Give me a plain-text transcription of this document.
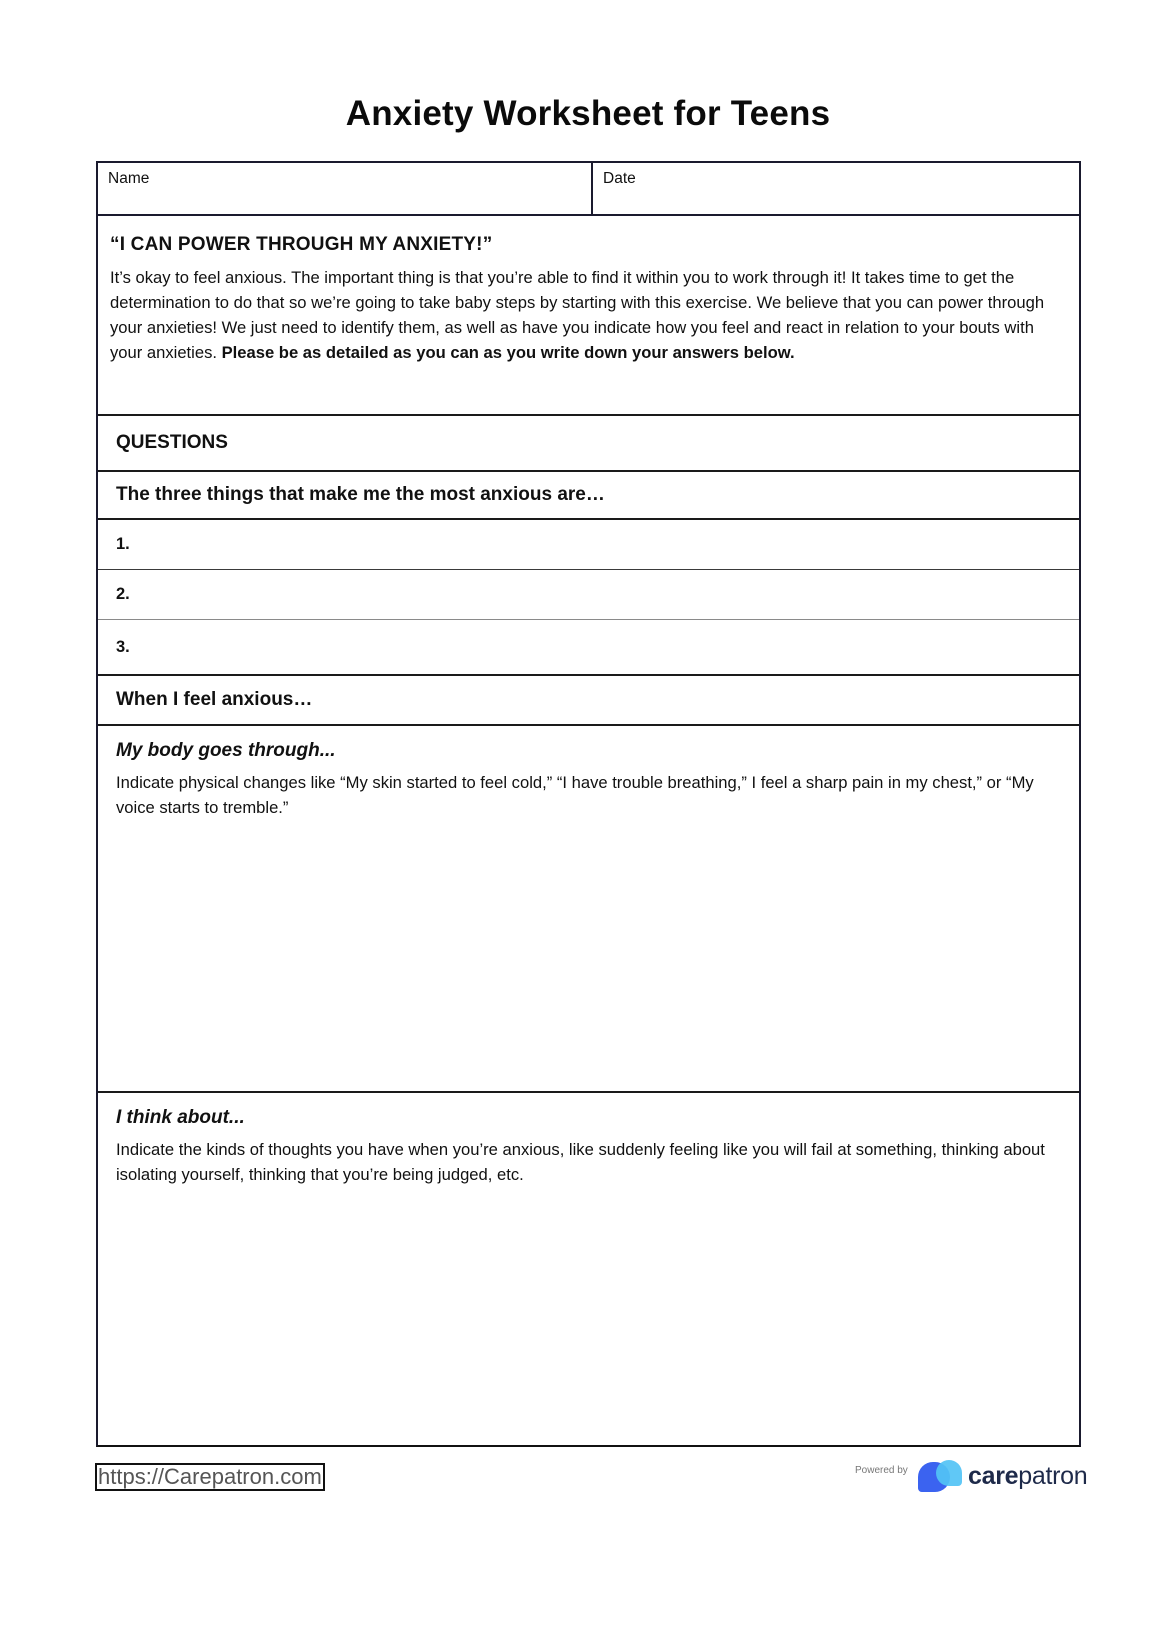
Anxiety Worksheet for Teens
Name	Date
“I CAN POWER THROUGH MY ANXIETY!”

It’s okay to feel anxious. The important thing is that you’re able to find it within you to work through it! It takes time to get the determination to do that so we’re going to take baby steps by starting with this exercise. We believe that you can power through your anxieties! We just need to identify them, as well as have you indicate how you feel and react in relation to your bouts with your anxieties. Please be as detailed as you can as you write down your answers below.

QUESTIONS
The three things that make me the most anxious are…
1.
2.
3.
When I feel anxious…
My body goes through...

Indicate physical changes like “My skin started to feel cold,” “I have trouble breathing,” I feel a sharp pain in my chest,” or “My voice starts to tremble.”

I think about...

Indicate the kinds of thoughts you have when you’re anxious, like suddenly feeling like you will fail at something, thinking about isolating yourself, thinking that you’re being judged, etc.

https://Carepatron.com	Powered by carepatron
